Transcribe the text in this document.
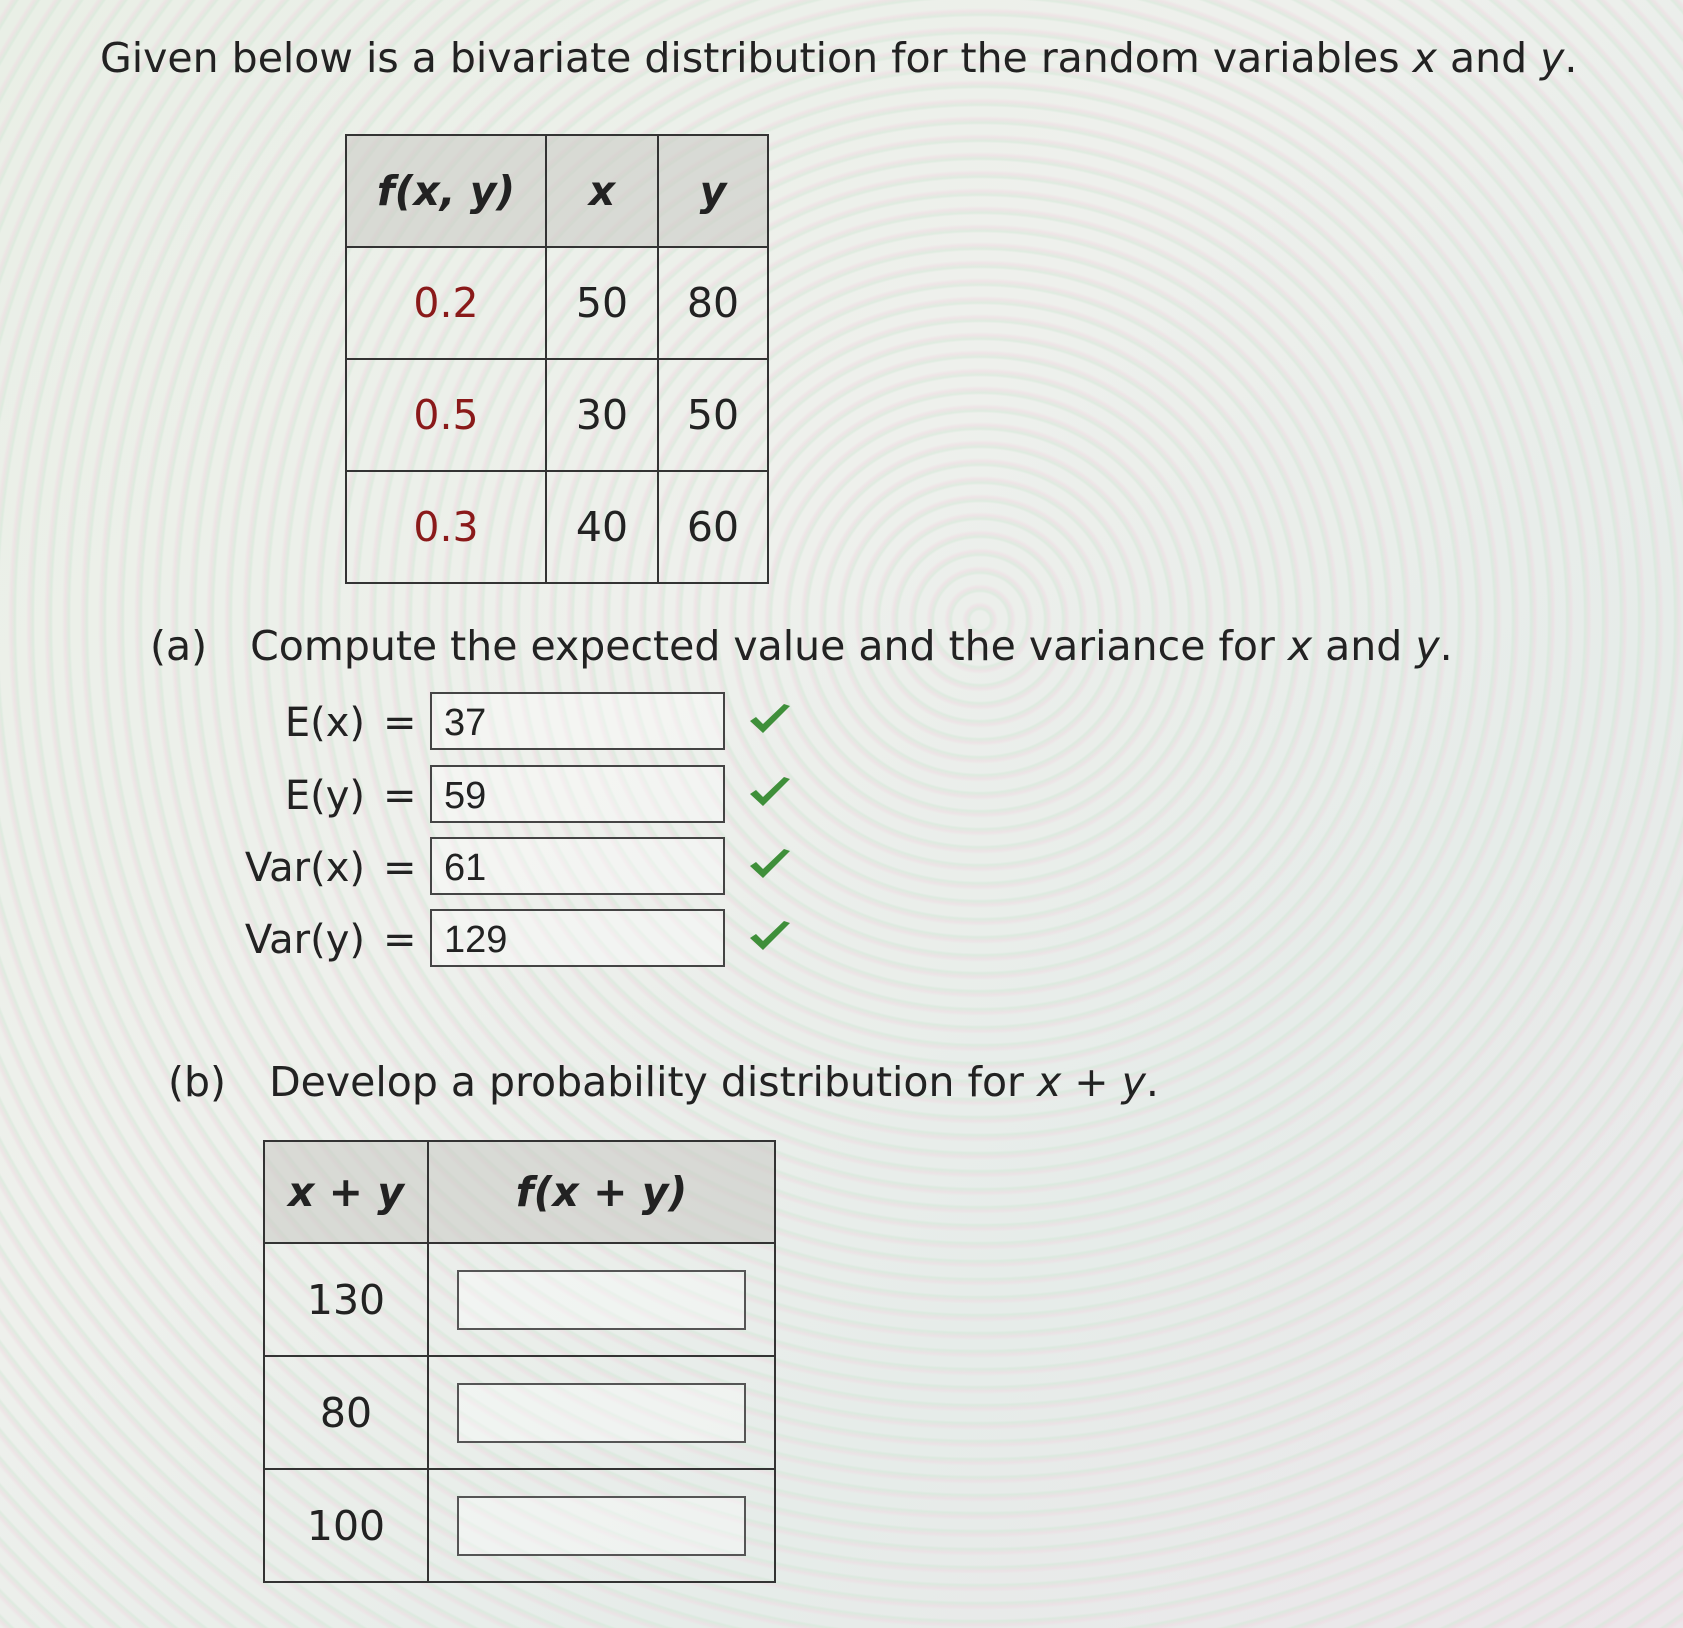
Given below is a bivariate distribution for the random variables x and y.
f(x, y)	x	y
0.2	50	80
0.5	30	50
0.3	40	60
(a) Compute the expected value and the variance for x and y.
E(x) = 37
E(y) = 59
Var(x) = 61
Var(y) = 129
(b) Develop a probability distribution for x + y.
x + y	f(x + y)
130	
80	
100	
